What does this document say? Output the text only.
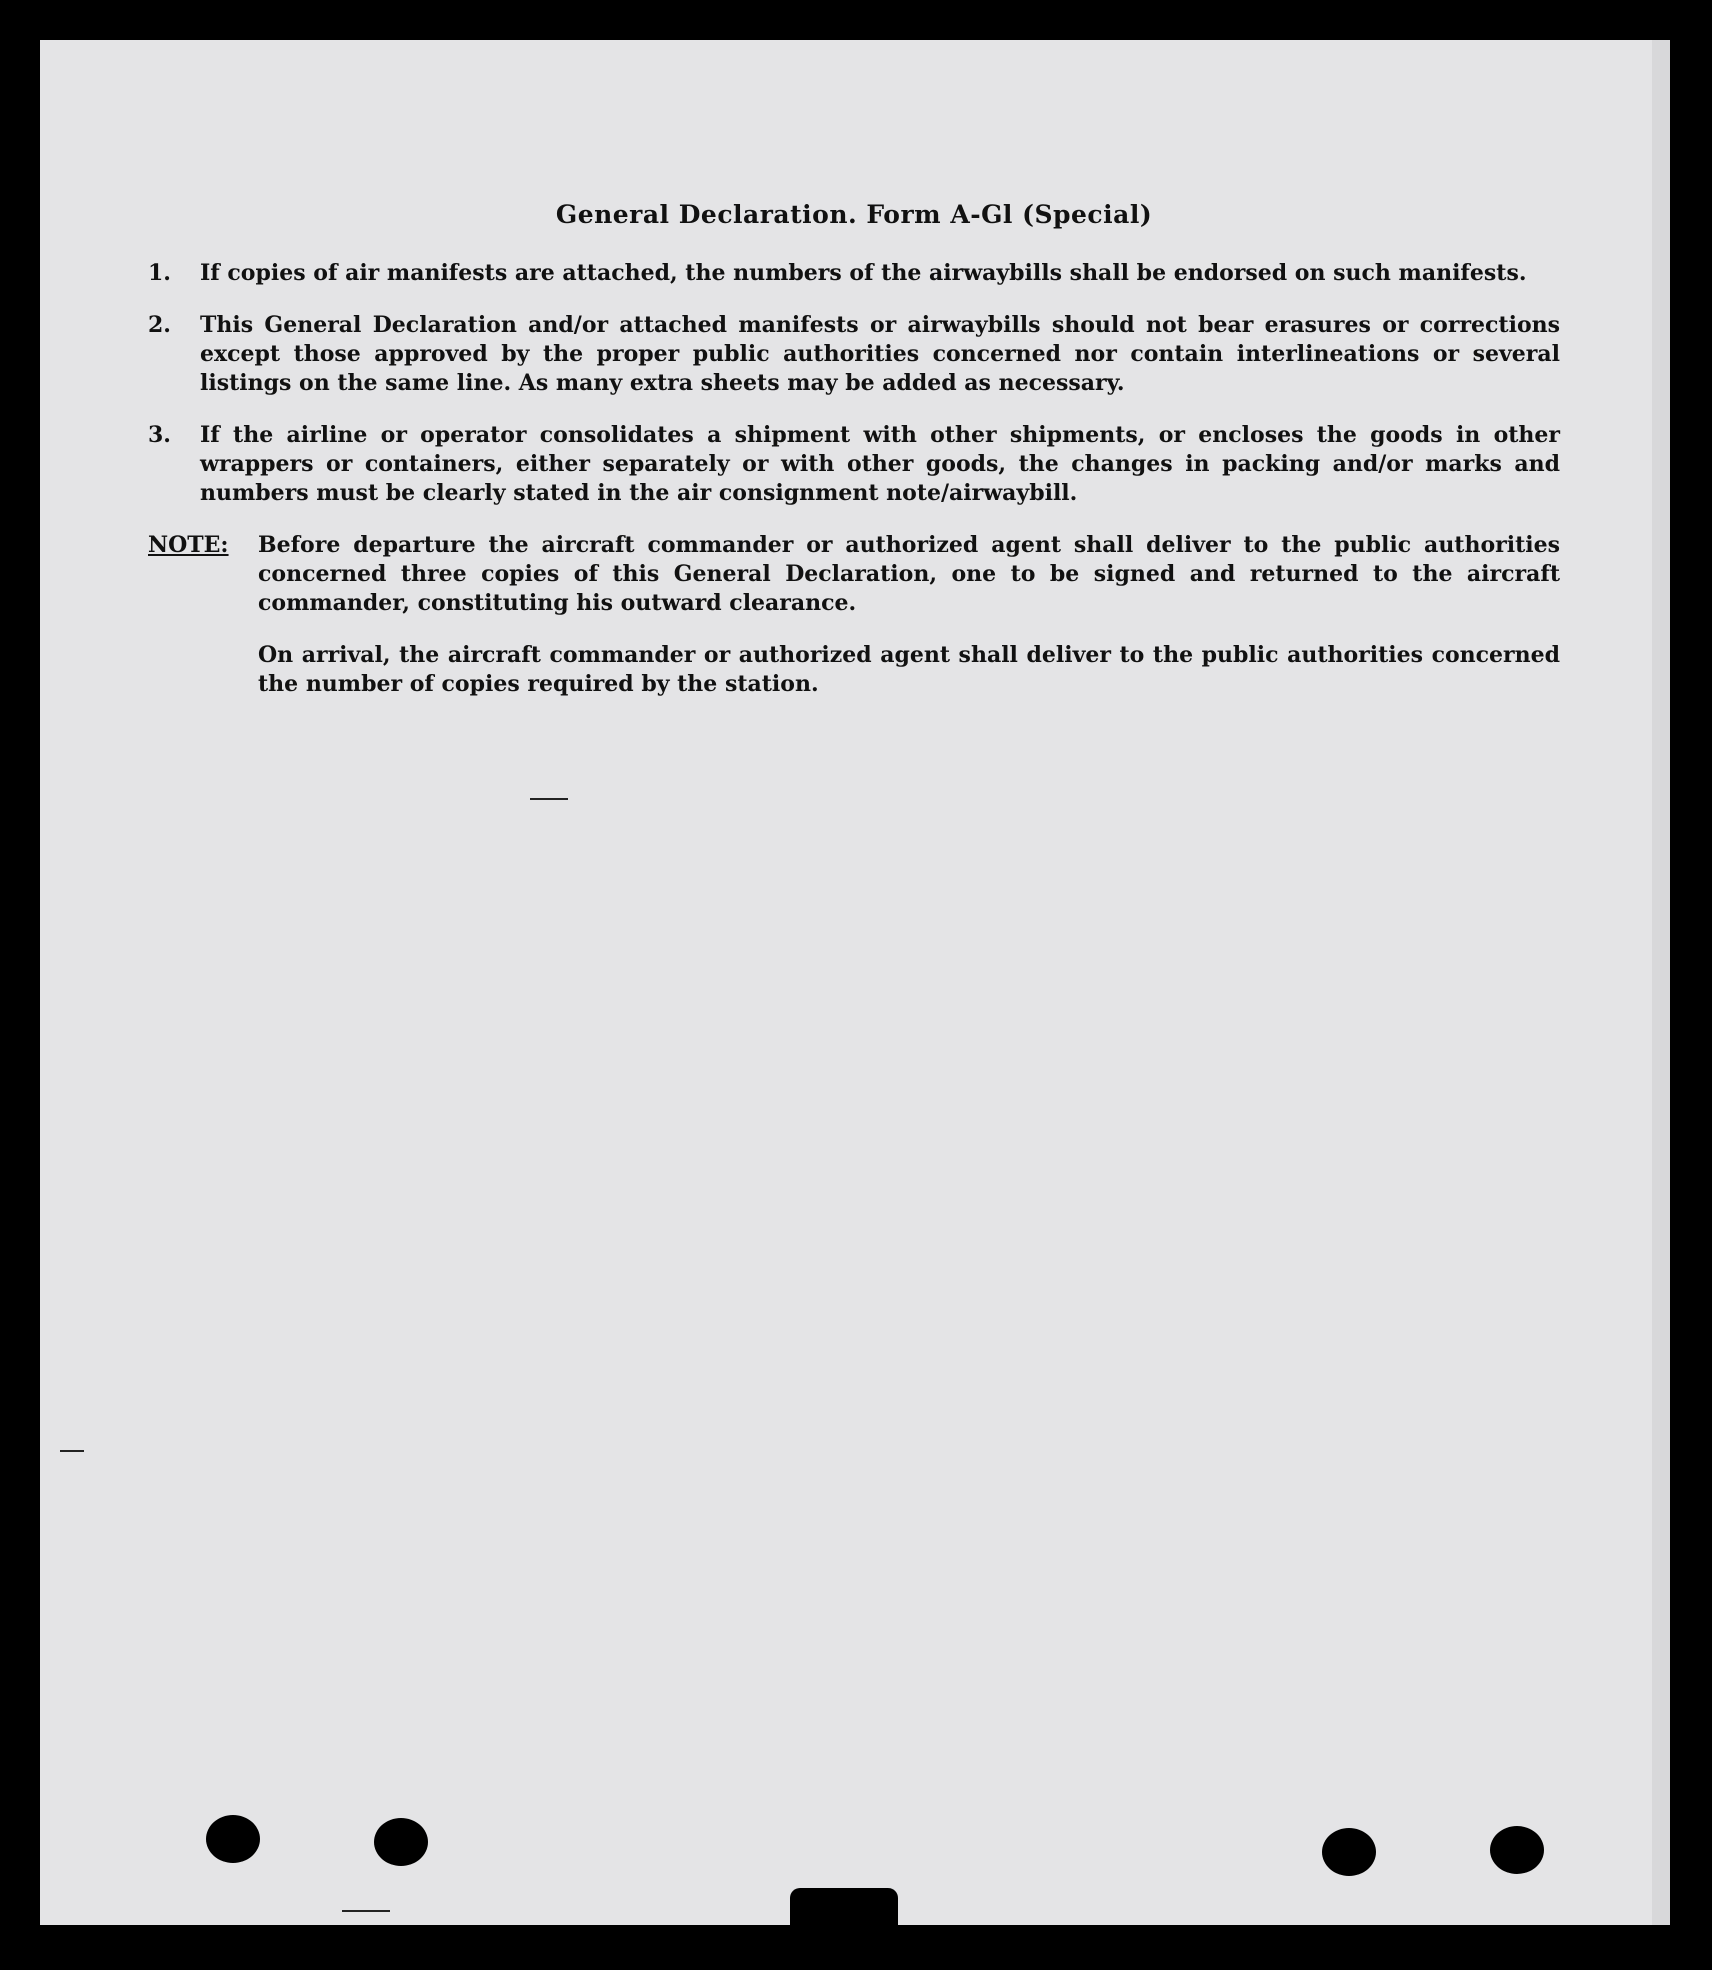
General Declaration. Form A-Gl (Special)
1.	If copies of air manifests are attached, the numbers of the airwaybills shall be endorsed on such manifests.
2.	This General Declaration and/or attached manifests or airwaybills should not bear erasures or corrections except those approved by the proper public authorities concerned nor contain interlineations or several listings on the same line. As many extra sheets may be added as necessary.
3.	If the airline or operator consolidates a shipment with other shipments, or encloses the goods in other wrappers or containers, either separately or with other goods, the changes in packing and/or marks and numbers must be clearly stated in the air consignment note/airwaybill.
NOTE:	Before departure the aircraft commander or authorized agent shall deliver to the public authorities concerned three copies of this General Declaration, one to be signed and returned to the aircraft commander, constituting his outward clearance.

On arrival, the aircraft commander or authorized agent shall deliver to the public authorities concerned the number of copies required by the station.
